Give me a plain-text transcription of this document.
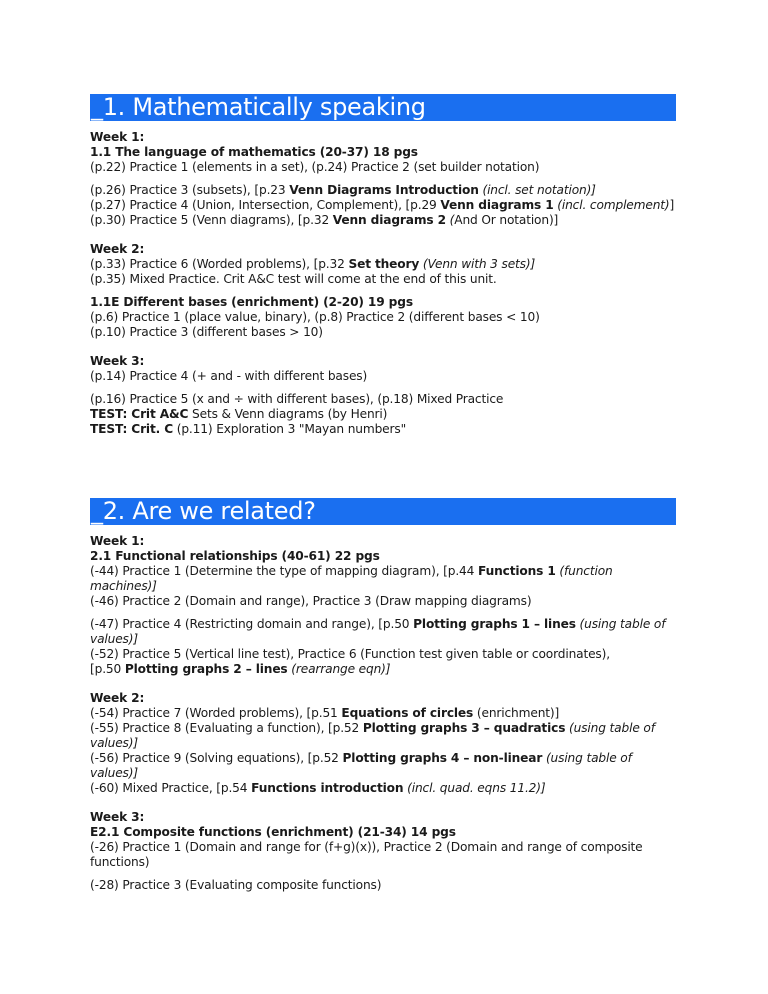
_1. Mathematically speaking
Week 1:
1.1 The language of mathematics (20-37) 18 pgs
(p.22) Practice 1 (elements in a set), (p.24) Practice 2 (set builder notation)
(p.26) Practice 3 (subsets), [p.23 Venn Diagrams Introduction (incl. set notation)]
(p.27) Practice 4 (Union, Intersection, Complement), [p.29 Venn diagrams 1 (incl. complement)]
(p.30) Practice 5 (Venn diagrams), [p.32 Venn diagrams 2 (And Or notation)]
Week 2:
(p.33) Practice 6 (Worded problems), [p.32 Set theory (Venn with 3 sets)]
(p.35) Mixed Practice. Crit A&C test will come at the end of this unit.
1.1E Different bases (enrichment) (2-20) 19 pgs
(p.6) Practice 1 (place value, binary), (p.8) Practice 2 (different bases < 10)
(p.10) Practice 3 (different bases > 10)
Week 3:
(p.14) Practice 4 (+ and - with different bases)
(p.16) Practice 5 (x and ÷ with different bases), (p.18) Mixed Practice
TEST: Crit A&C Sets & Venn diagrams (by Henri)
TEST: Crit. C (p.11) Exploration 3 "Mayan numbers"
_2. Are we related?
Week 1:
2.1 Functional relationships (40-61) 22 pgs
(-44) Practice 1 (Determine the type of mapping diagram), [p.44 Functions 1 (function machines)]
(-46) Practice 2 (Domain and range), Practice 3 (Draw mapping diagrams)
(-47) Practice 4 (Restricting domain and range), [p.50 Plotting graphs 1 – lines (using table of values)]
(-52) Practice 5 (Vertical line test), Practice 6 (Function test given table or coordinates),
[p.50 Plotting graphs 2 – lines (rearrange eqn)]
Week 2:
(-54) Practice 7 (Worded problems), [p.51 Equations of circles (enrichment)]
(-55) Practice 8 (Evaluating a function), [p.52 Plotting graphs 3 – quadratics (using table of values)]
(-56) Practice 9 (Solving equations), [p.52 Plotting graphs 4 – non-linear (using table of values)]
(-60) Mixed Practice, [p.54 Functions introduction (incl. quad. eqns 11.2)]
Week 3:
E2.1 Composite functions (enrichment) (21-34) 14 pgs
(-26) Practice 1 (Domain and range for (f+g)(x)), Practice 2 (Domain and range of composite functions)
(-28) Practice 3 (Evaluating composite functions)
